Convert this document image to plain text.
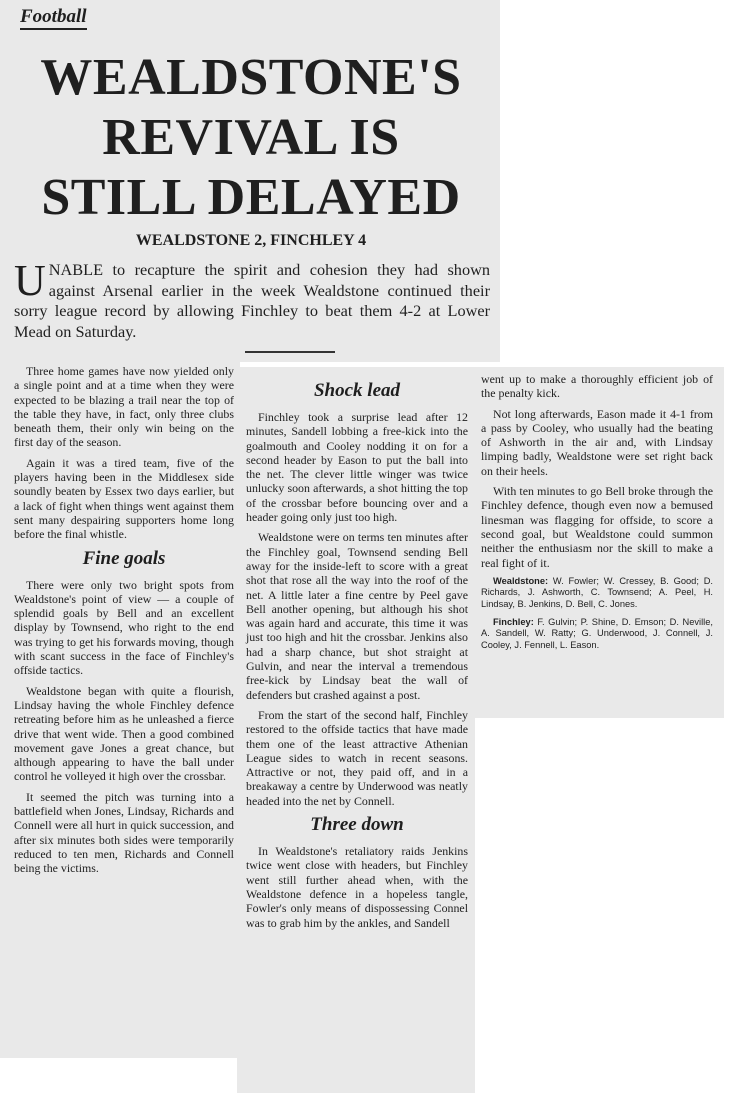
Football
WEALDSTONE'S
REVIVAL IS
STILL DELAYED
WEALDSTONE 2, FINCHLEY 4

UNABLE to recapture the spirit and cohesion they had shown against Arsenal earlier in the week Wealdstone continued their sorry league record by allowing Finchley to beat them 4-2 at Lower Mead on Saturday.

Three home games have now yielded only a single point and at a time when they were expected to be blazing a trail near the top of the table they have, in fact, only three clubs beneath them, their only win being on the first day of the season.

Again it was a tired team, five of the players having been in the Middlesex side soundly beaten by Essex two days earlier, but a lack of fight when things went against them sent many despairing supporters home long before the final whistle.

Fine goals

There were only two bright spots from Wealdstone's point of view — a couple of splendid goals by Bell and an excellent display by Townsend, who right to the end was trying to get his forwards moving, though with scant success in the face of Finchley's offside tactics.

Wealdstone began with quite a flourish, Lindsay having the whole Finchley defence retreating before him as he unleashed a fierce drive that went wide. Then a good combined movement gave Jones a great chance, but although appearing to have the ball under control he volleyed it high over the crossbar.

It seemed the pitch was turning into a battlefield when Jones, Lindsay, Richards and Connell were all hurt in quick succession, and after six minutes both sides were temporarily reduced to ten men, Richards and Connell being the victims.

Shock lead

Finchley took a surprise lead after 12 minutes, Sandell lobbing a free-kick into the goalmouth and Cooley nodding it on for a second header by Eason to put the ball into the net. The clever little winger was twice unlucky soon afterwards, a shot hitting the top of the crossbar before bouncing over and a header going only just too high.

Wealdstone were on terms ten minutes after the Finchley goal, Townsend sending Bell away for the inside-left to score with a great shot that rose all the way into the roof of the net. A little later a fine centre by Peel gave Bell another opening, but although his shot was again hard and accurate, this time it was just too high and hit the crossbar. Jenkins also had a sharp chance, but shot straight at Gulvin, and near the interval a tremendous free-kick by Lindsay beat the wall of defenders but crashed against a post.

From the start of the second half, Finchley restored to the offside tactics that have made them one of the least attractive Athenian League sides to watch in recent seasons. Attractive or not, they paid off, and in a breakaway a centre by Underwood was neatly headed into the net by Connell.

Three down

In Wealdstone's retaliatory raids Jenkins twice went close with headers, but Finchley went still further ahead when, with the Wealdstone defence in a hopeless tangle, Fowler's only means of dispossessing Connel was to grab him by the ankles, and Sandell

went up to make a thoroughly efficient job of the penalty kick.

Not long afterwards, Eason made it 4-1 from a pass by Cooley, who usually had the beating of Ashworth in the air and, with Lindsay limping badly, Wealdstone were set right back on their heels.

With ten minutes to go Bell broke through the Finchley defence, though even now a bemused linesman was flagging for offside, to score a second goal, but Wealdstone could summon neither the enthusiasm nor the skill to make a real fight of it.

Wealdstone: W. Fowler; W. Cressey, B. Good; D. Richards, J. Ashworth, C. Townsend; A. Peel, H. Lindsay, B. Jenkins, D. Bell, C. Jones.

Finchley: F. Gulvin; P. Shine, D. Emson; D. Neville, A. Sandell, W. Ratty; G. Underwood, J. Connell, J. Cooley, J. Fennell, L. Eason.
